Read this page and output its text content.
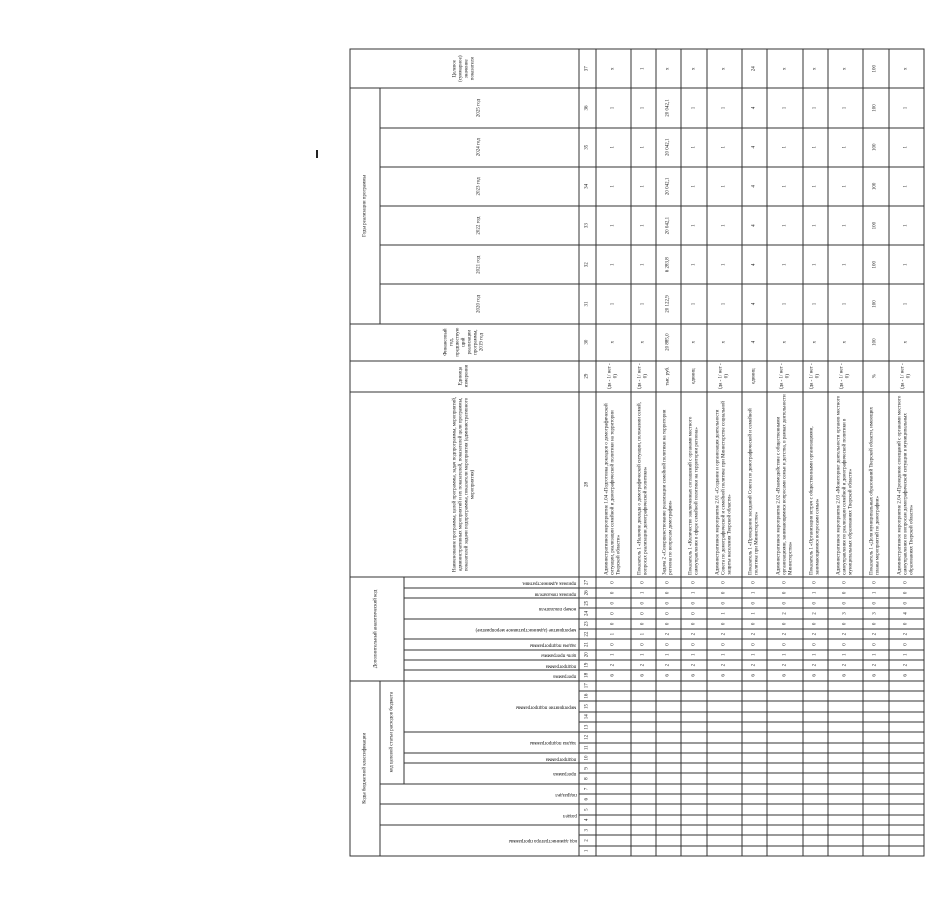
Коды бюджетной классификации																	Дополнительный аналитический код										Наименование программы, целей программы, задач подпрограммы, мероприятий, административных мероприятий и их показателей, показателей цели программы, показателей задачи подпрограммы, показатели мероприятия (административного мероприятия)	Единица измерения	Финансовый год, предшествующий реализации программы, 2019 год	Годы реализации программы						Целевое (суммарное) значение показателя
код администратора программы			раздел		подраздел		код целевой статьи расходов бюджета																							2020 год	2021 год	2022 год	2023 год	2024 год	2025 год	
							программа		подпрограмма	задача подпрограммы		мероприятие подпрограммы					программа	подпрограмма	цель программы	задача подпрограммы	мероприятие (административное мероприятие)		номер показателя		признак показателя	признак административн.										
1	2	3	4	5	6	7	8	9	10	11	12	13	14	15	16	17	18	19	20	21	22	23	24	25	26	27	28	29	30	31	32	33	34	35	36	37
																	6	2	1	0	1	0	0	0	0	0	Административное мероприятие 1.04 «Подготовка докладов о демографической ситуации, реализации семейной и демографической политики на территории Тверской области»	(да - 1/ нет - 0)	х	1	1	1	1	1	1	х
																	6	2	1	0	1	0	0	0	1	0	Показатель 1 «Наличие доклада о демографической ситуации, положении семей, вопросах реализации демографической политики»	(да - 1/ нет - 0)	х	1	1	1	1	1	1	1
																	6	2	1	0	2	0	0	0	0	0	Задача 2 «Совершенствование реализации семейной политики на территории региона по вопросам демографии»	тыс. руб.	20 885,0	20 122,9	6 283,8	20 042,1	20 042,1	20 042,1	20 042,1	х
																	6	2	1	0	2	0	0	0	1	0	Показатель 1 «Количество заключенных соглашений с органами местного самоуправления в сфере семейной политики на территории региона»	единиц	х	1	1	1	1	1	1	х
																	6	2	1	0	2	0	1	0	0	0	Административное мероприятие 2.01 «Создание и организация деятельности Совета по демографической и семейной политике при Министерстве социальной защиты населения Тверской области»	(да - 1/ нет - 0)	х	1	1	1	1	1	1	х
																	6	2	1	0	2	0	1	0	1	0	Показатель 1 «Проведение заседаний Совета по демографической и семейной политике при Министерстве»	единиц	4	4	4	4	4	4	4	24
																	6	2	1	0	2	0	2	0	0	0	Административное мероприятие 2.02 «Взаимодействие с общественными организациями, занимающимися вопросами семьи и детства, в рамках деятельности Министерства»	(да - 1/ нет - 0)	х	1	1	1	1	1	1	х
																	6	2	1	0	2	0	2	0	1	0	Показатель 1 «Организация встреч с общественными организациями, занимающимися вопросами семьи»	(да - 1/ нет - 0)	х	1	1	1	1	1	1	х
																	6	2	1	0	2	0	3	0	0	0	Административное мероприятие 2.03 «Мониторинг деятельности органов местного самоуправления по реализации семейной и демографической политики в муниципальных образованиях Тверской области»	(да - 1/ нет - 0)	х	1	1	1	1	1	1	х
																	6	2	1	0	2	0	3	0	1	0	Показатель 1 «Доля муниципальных образований Тверской области, имеющих планы мероприятий по демографии»	%	100	100	100	100	100	100	100	100
																	6	2	1	0	2	0	4	0	0	0	Административное мероприятие 2.04 «Проведение совещаний с органами местного самоуправления по вопросам демографической ситуации в муниципальных образованиях Тверской области»	(да - 1/ нет - 0)	х	1	1	1	1	1	1	х
